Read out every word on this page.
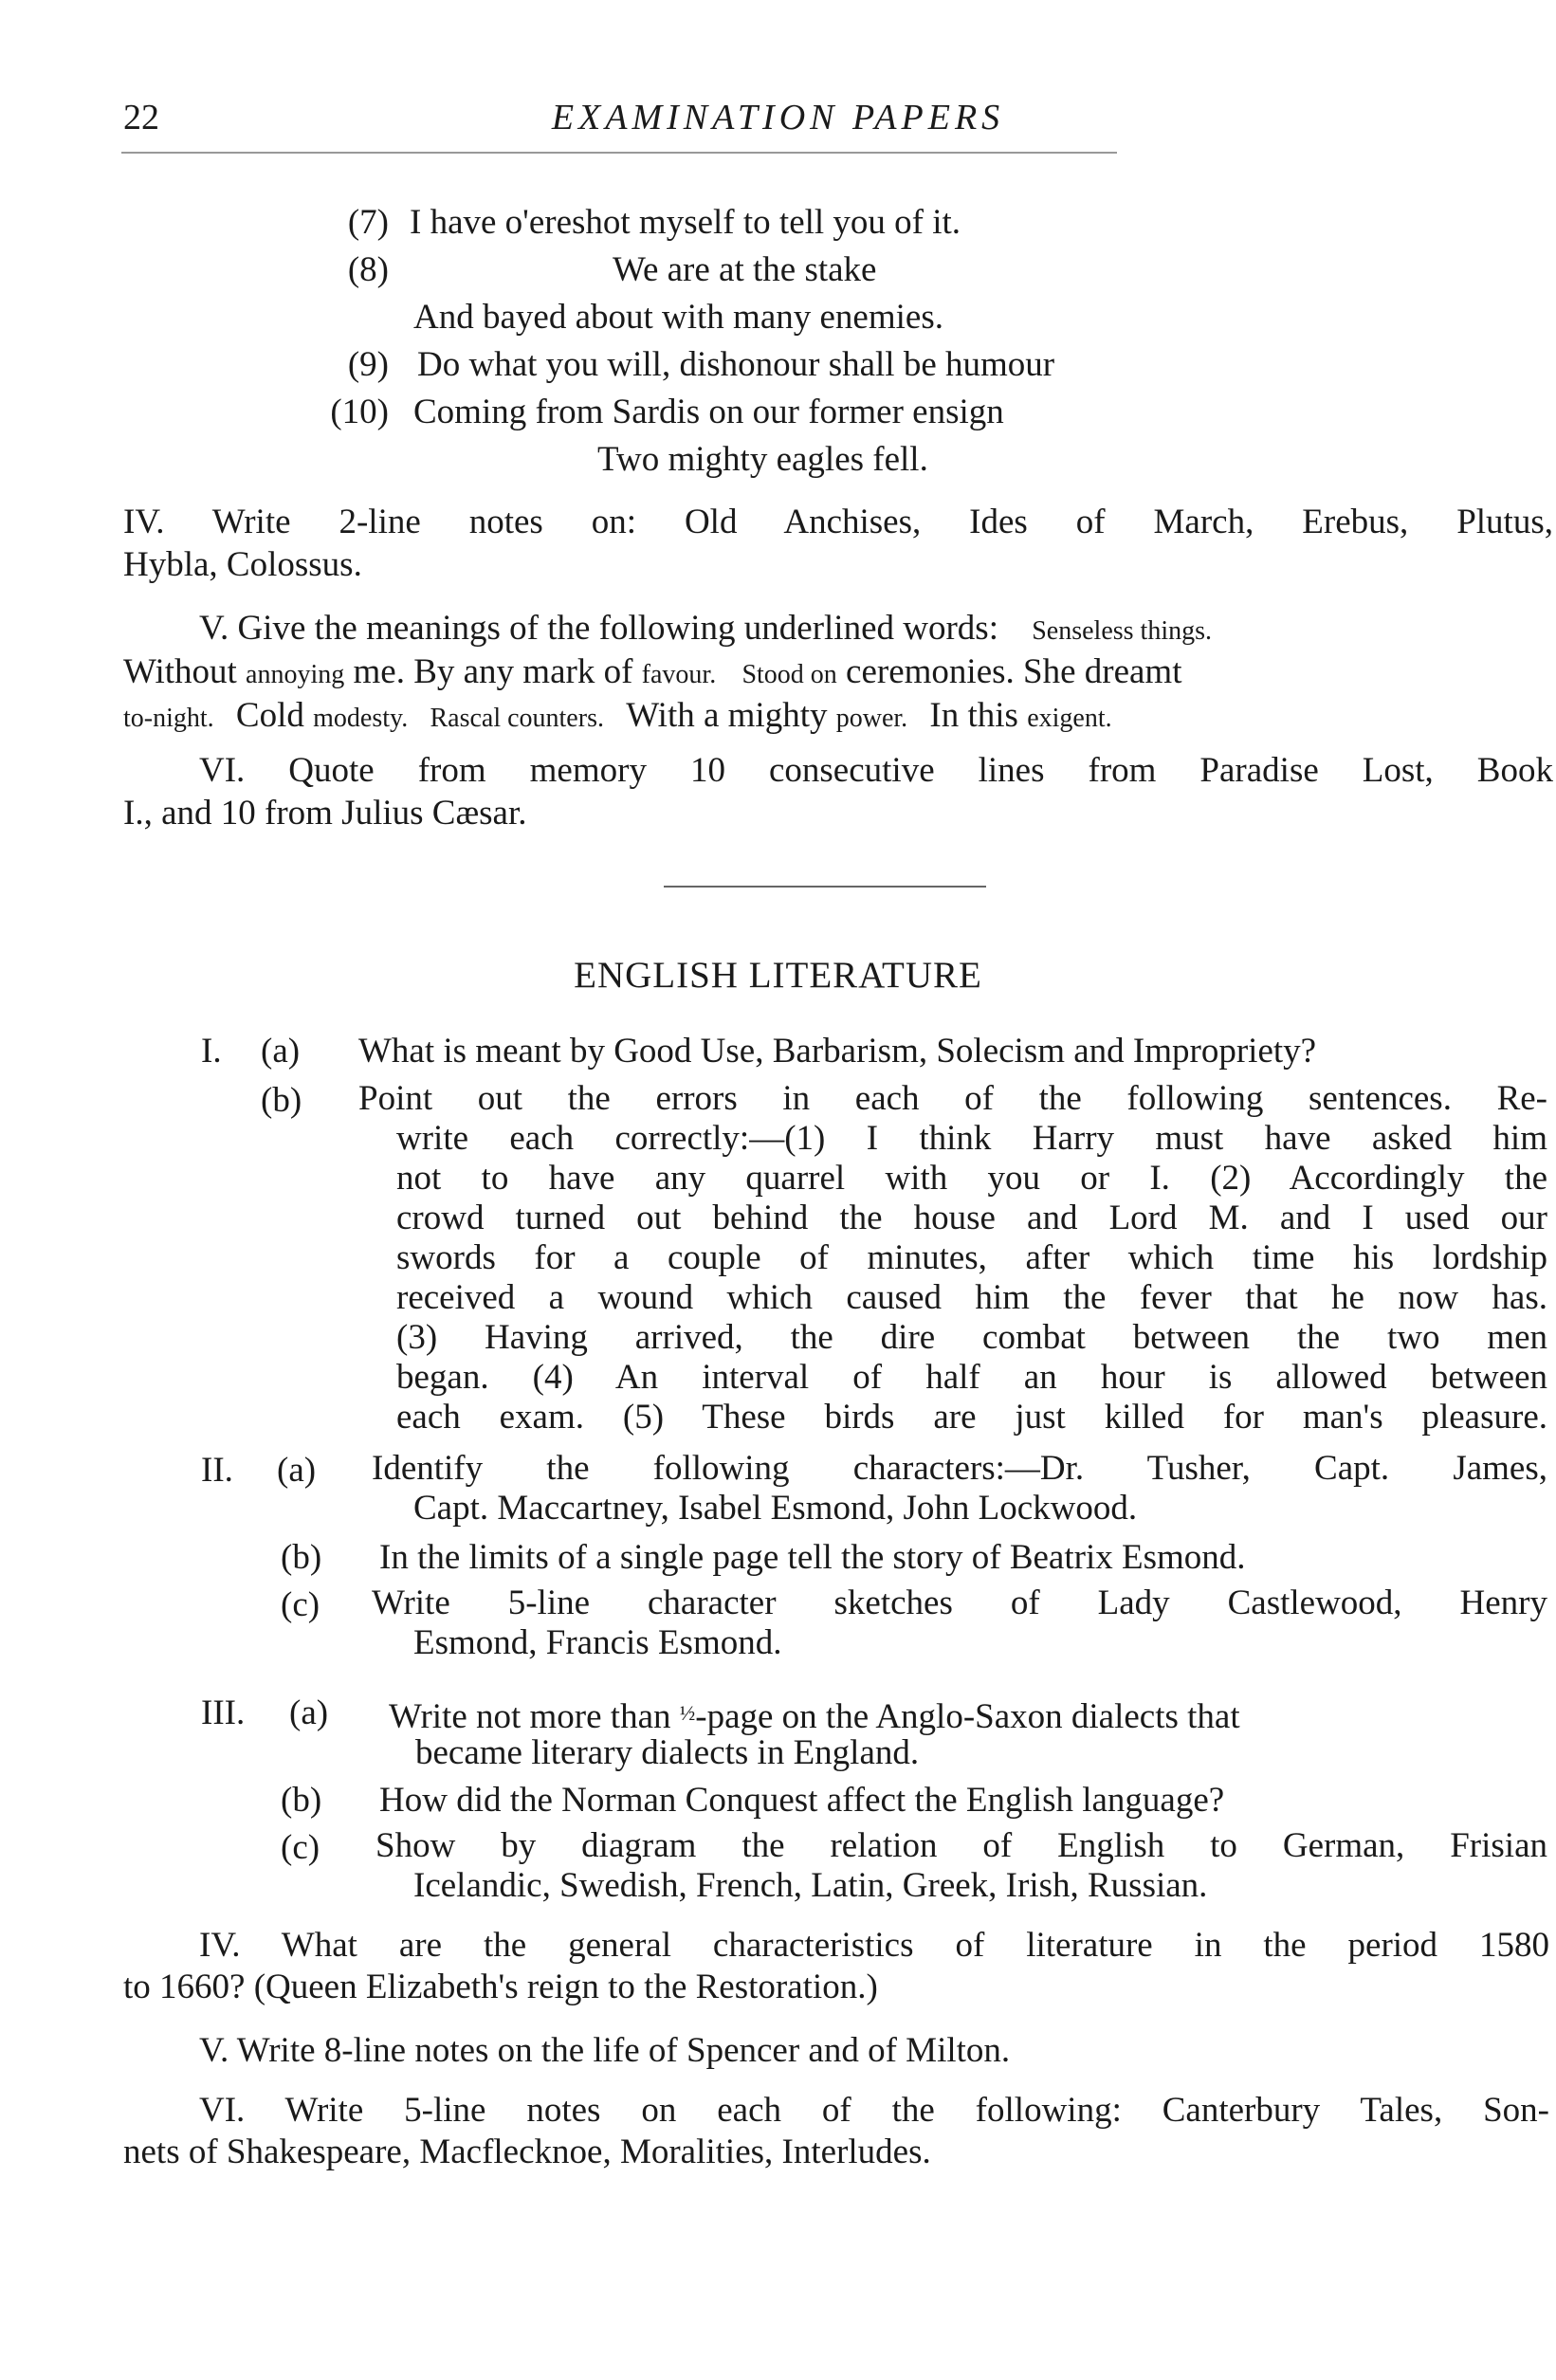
22	EXAMINATION PAPERS
(7) I have o'ereshot myself to tell you of it.
(8)	We are at the stake
And bayed about with many enemies.
(9) Do what you will, dishonour shall be humour
(10) Coming from Sardis on our former ensign
Two mighty eagles fell.
IV. Write 2-line notes on: Old Anchises, Ides of March, Erebus, Plutus,
Hybla, Colossus.
V. Give the meanings of the following underlined words: Senseless things.
Without annoying me. By any mark of favour. Stood on ceremonies. She dreamt
to-night. Cold modesty. Rascal counters. With a mighty power. In this exigent.
VI. Quote from memory 10 consecutive lines from Paradise Lost, Book
I., and 10 from Julius Cæsar.
ENGLISH LITERATURE
I. (a) What is meant by Good Use, Barbarism, Solecism and Impropriety?
(b) Point out the errors in each of the following sentences. Re-
write each correctly:—(1) I think Harry must have asked him
not to have any quarrel with you or I. (2) Accordingly the
crowd turned out behind the house and Lord M. and I used our
swords for a couple of minutes, after which time his lordship
received a wound which caused him the fever that he now has.
(3) Having arrived, the dire combat between the two men
began. (4) An interval of half an hour is allowed between
each exam. (5) These birds are just killed for man's pleasure.
II. (a) Identify the following characters:—Dr. Tusher, Capt. James,
Capt. Maccartney, Isabel Esmond, John Lockwood.
(b) In the limits of a single page tell the story of Beatrix Esmond.
(c) Write 5-line character sketches of Lady Castlewood, Henry
Esmond, Francis Esmond.
III. (a) Write not more than $^{\frac{1}{2}}$-page on the Anglo-Saxon dialects that
became literary dialects in England.
(b) How did the Norman Conquest affect the English language?
(c) Show by diagram the relation of English to German, Frisian
Icelandic, Swedish, French, Latin, Greek, Irish, Russian.
IV. What are the general characteristics of literature in the period 1580
to 1660? (Queen Elizabeth's reign to the Restoration.)
V. Write 8-line notes on the life of Spencer and of Milton.
VI. Write 5-line notes on each of the following: Canterbury Tales, Son-
nets of Shakespeare, Macflecknoe, Moralities, Interludes.
